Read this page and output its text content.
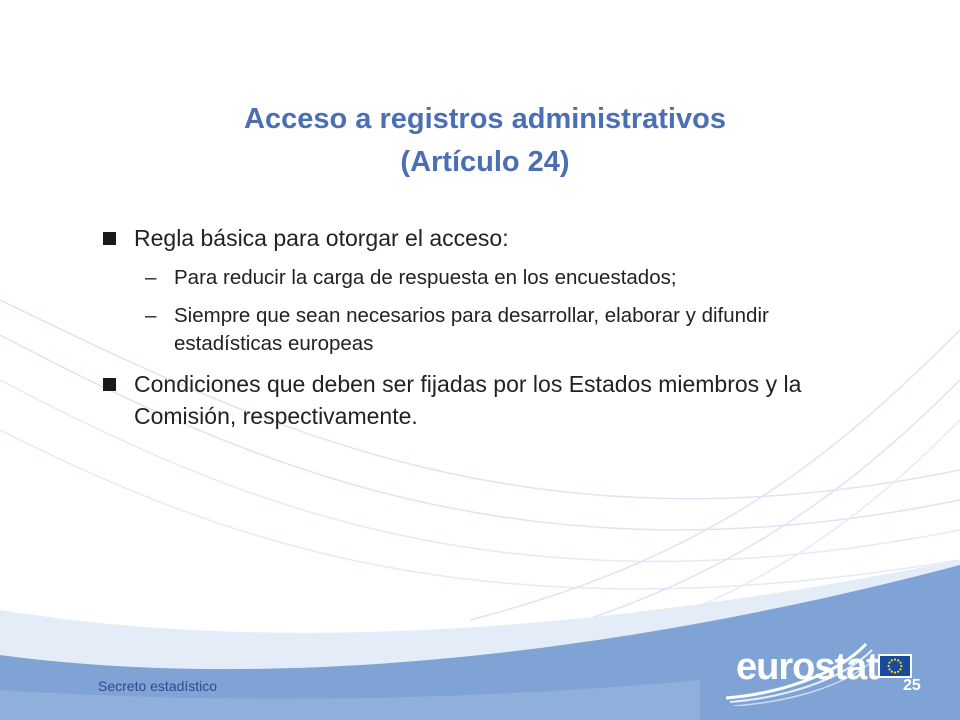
Acceso a registros administrativos
(Artículo 24)
Regla básica para otorgar el acceso:
– Para reducir la carga de respuesta en los encuestados;
– Siempre que sean necesarios para desarrollar, elaborar y difundir estadísticas europeas
Condiciones que deben ser fijadas por los Estados miembros y la Comisión, respectivamente.
Secreto estadístico	eurostat 25
